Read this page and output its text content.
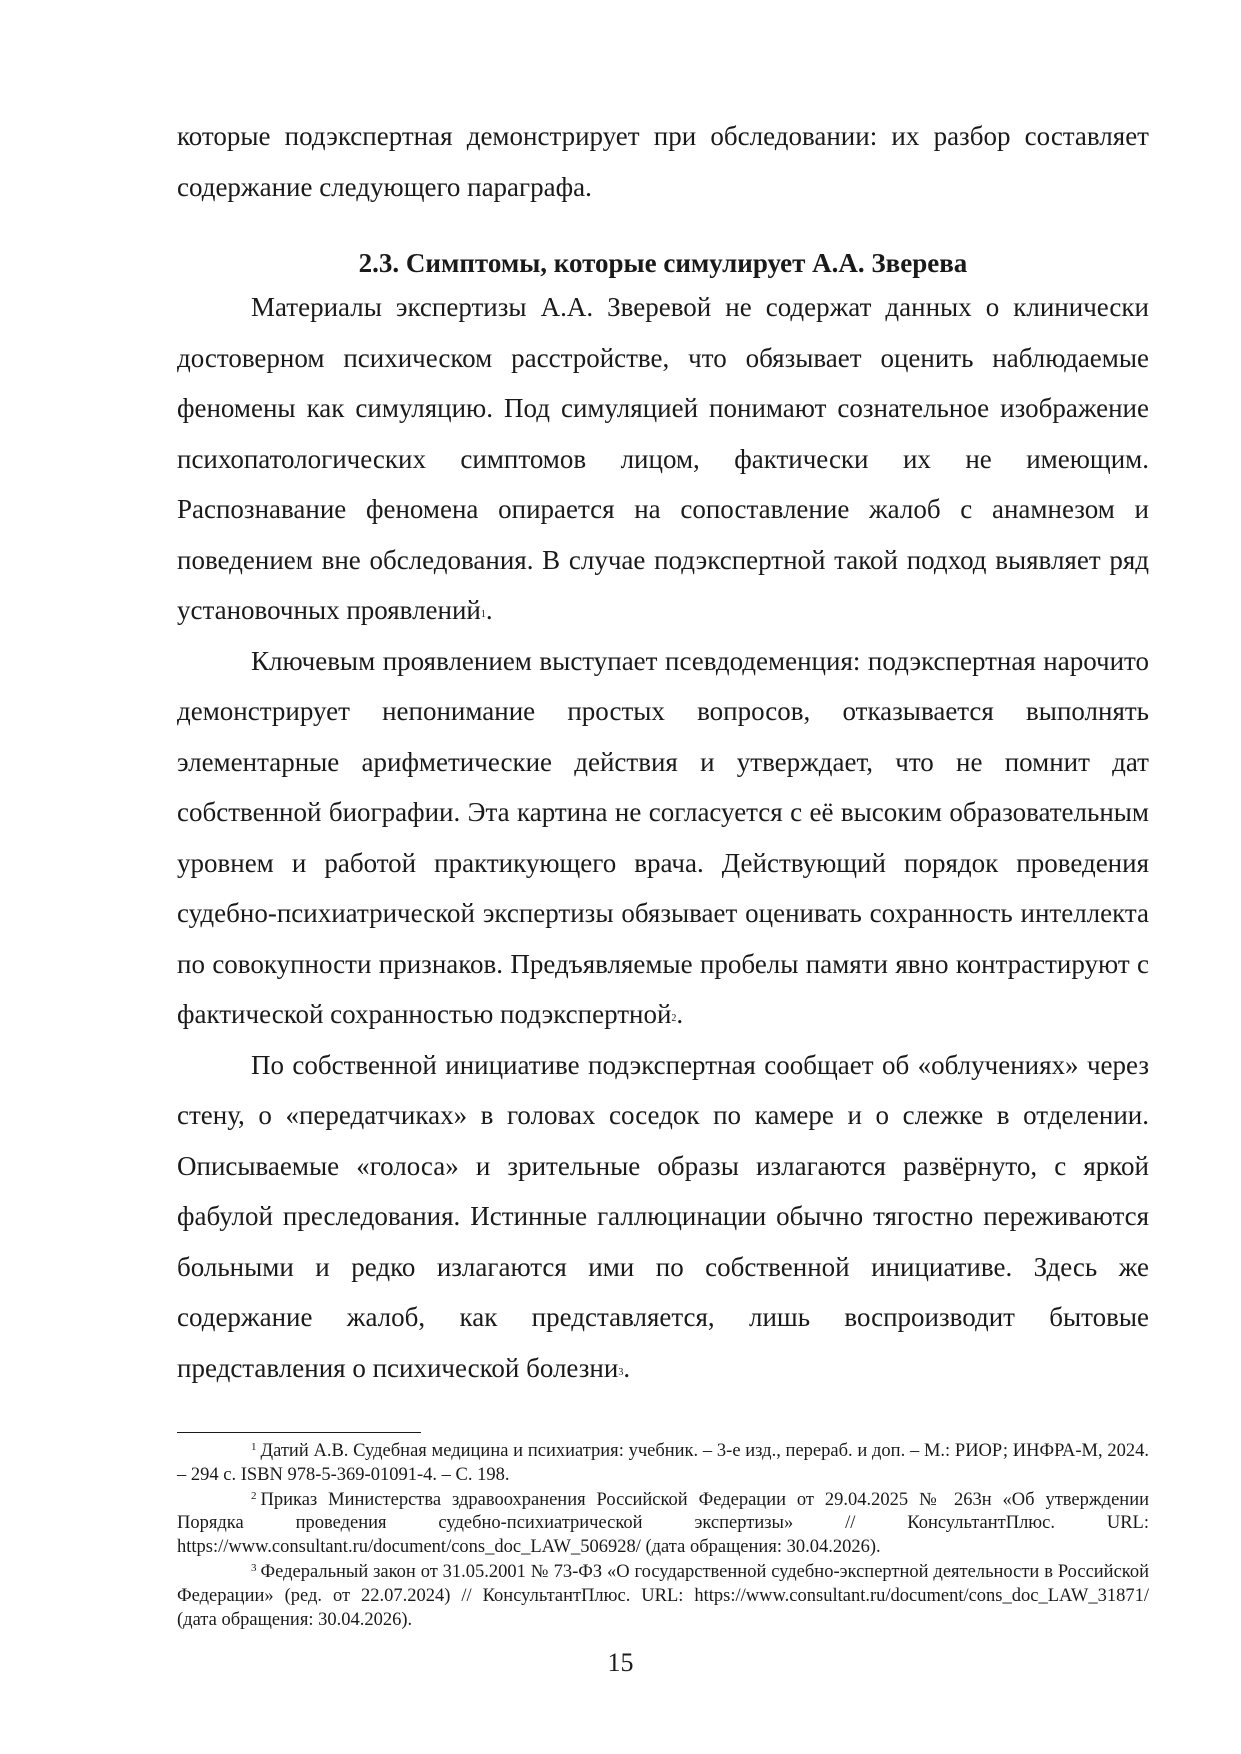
которые подэкспертная демонстрирует при обследовании: их разбор составляет содержание следующего параграфа.

2.3. Симптомы, которые симулирует А.А. Зверева

Материалы экспертизы А.А. Зверевой не содержат данных о клинически достоверном психическом расстройстве, что обязывает оценить наблюдаемые феномены как симуляцию. Под симуляцией понимают сознательное изображение психопатологических симптомов лицом, фактически их не имеющим. Распознавание феномена опирается на сопоставление жалоб с анамнезом и поведением вне обследования. В случае подэкспертной такой подход выявляет ряд установочных проявлений$^1$.

Ключевым проявлением выступает псевдодеменция: подэкспертная нарочито демонстрирует непонимание простых вопросов, отказывается выполнять элементарные арифметические действия и утверждает, что не помнит дат собственной биографии. Эта картина не согласуется с её высоким образовательным уровнем и работой практикующего врача. Действующий порядок проведения судебно-психиатрической экспертизы обязывает оценивать сохранность интеллекта по совокупности признаков. Предъявляемые пробелы памяти явно контрастируют с фактической сохранностью подэкспертной$^2$.

По собственной инициативе подэкспертная сообщает об «облучениях» через стену, о «передатчиках» в головах соседок по камере и о слежке в отделении. Описываемые «голоса» и зрительные образы излагаются развёрнуто, с яркой фабулой преследования. Истинные галлюцинации обычно тягостно переживаются больными и редко излагаются ими по собственной инициативе. Здесь же содержание жалоб, как представляется, лишь воспроизводит бытовые представления о психической болезни$^3$.

$^1$ Датий А.В. Судебная медицина и психиатрия: учебник. – 3-е изд., перераб. и доп. – М.: РИОР; ИНФРА-М, 2024. – 294 с. ISBN 978-5-369-01091-4. – С. 198.

$^2$ Приказ Министерства здравоохранения Российской Федерации от 29.04.2025 № 263н «Об утверждении Порядка проведения судебно-психиатрической экспертизы» // КонсультантПлюс. URL: https://www.consultant.ru/document/cons_doc_LAW_506928/ (дата обращения: 30.04.2026).

$^3$ Федеральный закон от 31.05.2001 № 73-ФЗ «О государственной судебно-экспертной деятельности в Российской Федерации» (ред. от 22.07.2024) // КонсультантПлюс. URL: https://www.consultant.ru/document/cons_doc_LAW_31871/ (дата обращения: 30.04.2026).

15
